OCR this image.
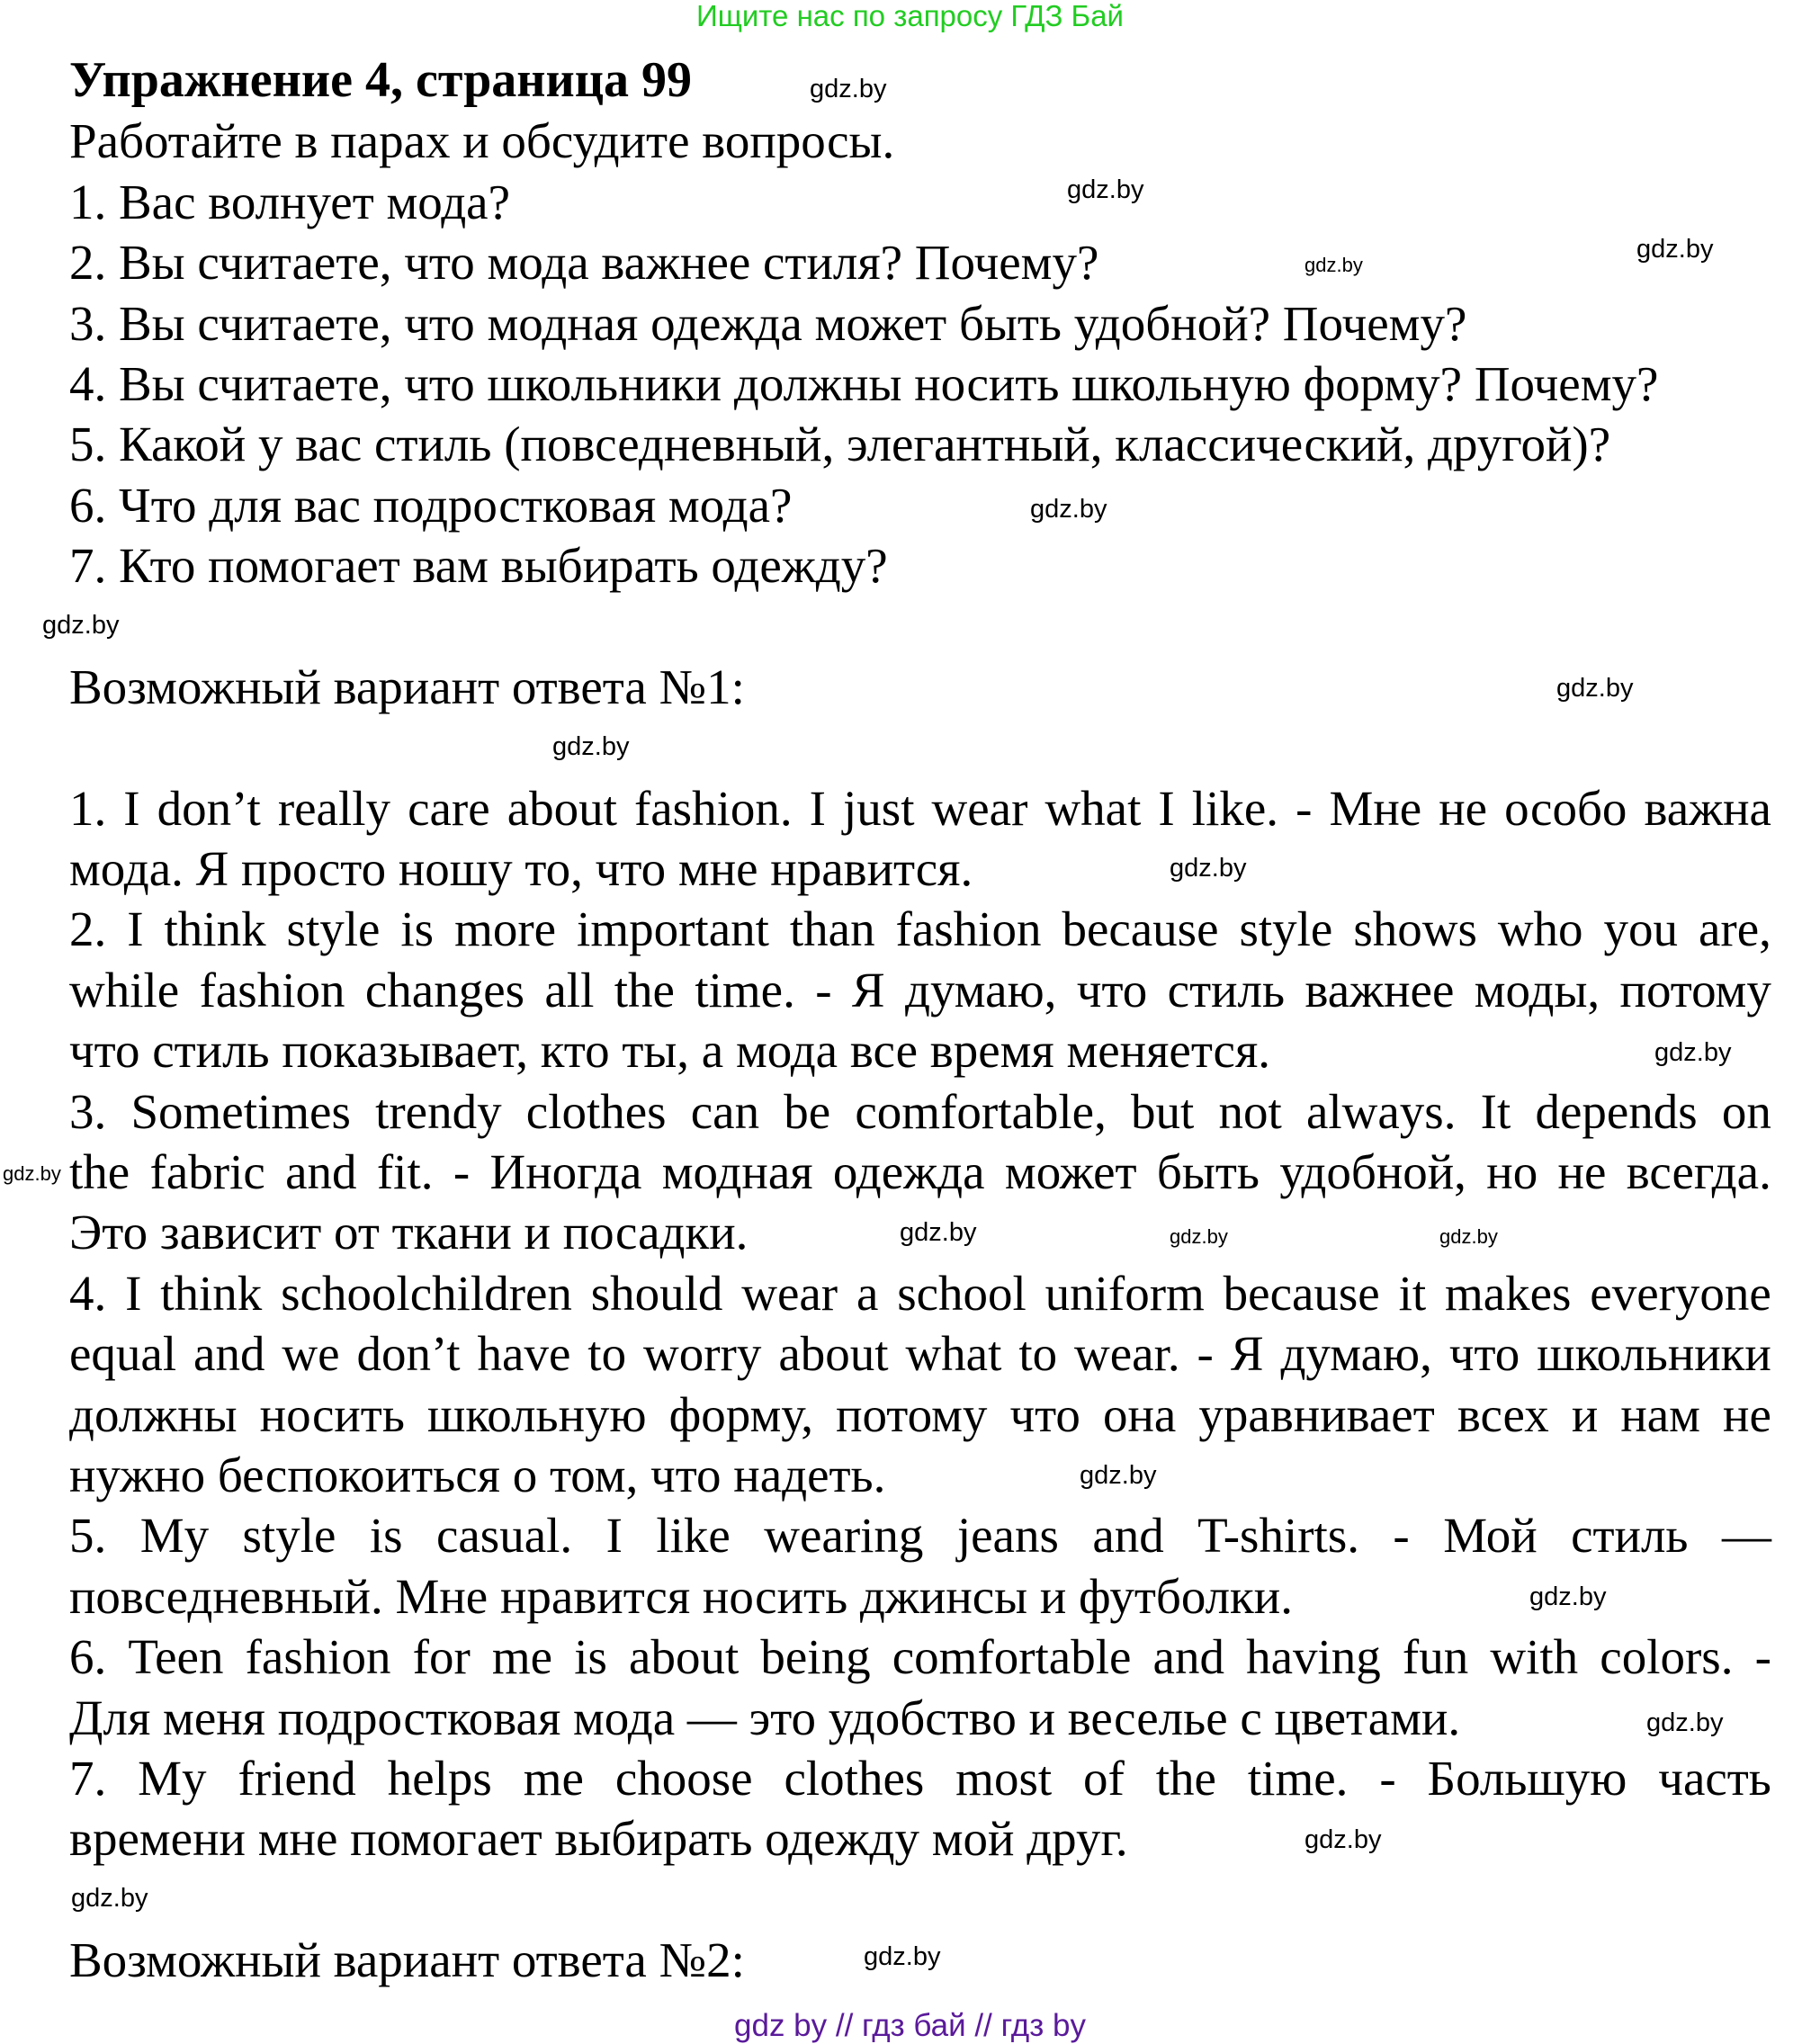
Ищите нас по запросу ГДЗ Бай
Упражнение 4, страница 99
Работайте в парах и обсудите вопросы.
1. Вас волнует мода?
2. Вы считаете, что мода важнее стиля? Почему?
3. Вы считаете, что модная одежда может быть удобной? Почему?
4. Вы считаете, что школьники должны носить школьную форму? Почему?
5. Какой у вас стиль (повседневный, элегантный, классический, другой)?
6. Что для вас подростковая мода?
7. Кто помогает вам выбирать одежду?
Возможный вариант ответа №1:
1. I don’t really care about fashion. I just wear what I like. - Мне не особо важна
мода. Я просто ношу то, что мне нравится.
2. I think style is more important than fashion because style shows who you are,
while fashion changes all the time. - Я думаю, что стиль важнее моды, потому
что стиль показывает, кто ты, а мода все время меняется.
3. Sometimes trendy clothes can be comfortable, but not always. It depends on
the fabric and fit. - Иногда модная одежда может быть удобной, но не всегда.
Это зависит от ткани и посадки.
4. I think schoolchildren should wear a school uniform because it makes everyone
equal and we don’t have to worry about what to wear. - Я думаю, что школьники
должны носить школьную форму, потому что она уравнивает всех и нам не
нужно беспокоиться о том, что надеть.
5. My style is casual. I like wearing jeans and T-shirts. - Мой стиль —
повседневный. Мне нравится носить джинсы и футболки.
6. Teen fashion for me is about being comfortable and having fun with colors. -
Для меня подростковая мода — это удобство и веселье с цветами.
7. My friend helps me choose clothes most of the time. - Большую часть
времени мне помогает выбирать одежду мой друг.
Возможный вариант ответа №2:
gdz.by
gdz.by
gdz.by
gdz.by
gdz.by
gdz.by
gdz.by
gdz.by
gdz.by
gdz.by
gdz.by
gdz.by	gdz.by	gdz.by
gdz.by
gdz.by
gdz.by
gdz.by
gdz.by
gdz.by
gdz by // гдз бай // гдз by
